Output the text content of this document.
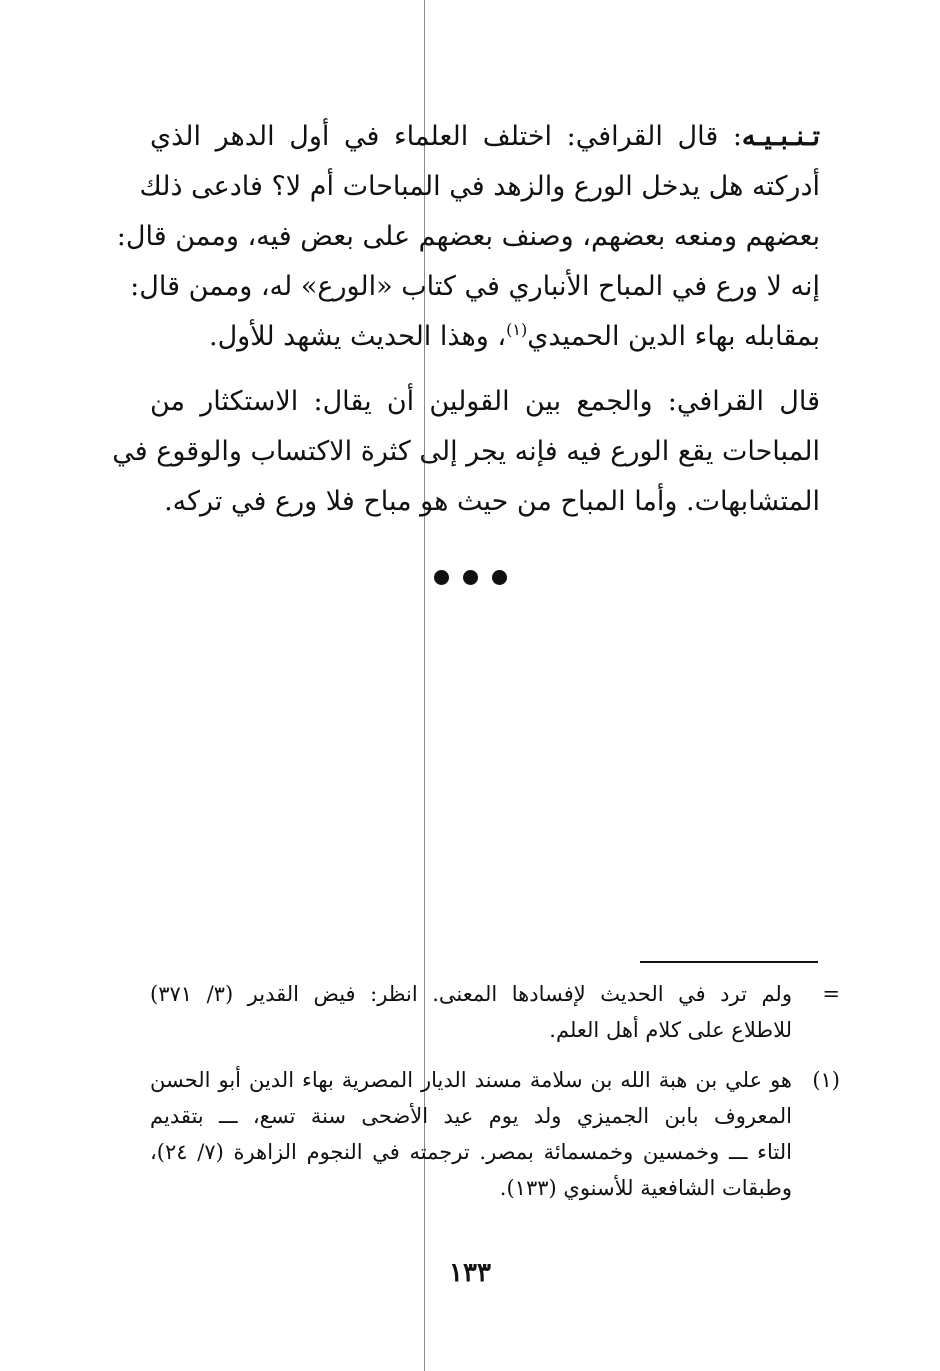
تـنـبـيـه: قال القرافي: اختلف العلماء في أول الدهر الذي
أدركته هل يدخل الورع والزهد في المباحات أم لا؟ فادعى ذلك
بعضهم ومنعه بعضهم، وصنف بعضهم على بعض فيه، وممن قال:
إنه لا ورع في المباح الأنباري في كتاب «الورع» له، وممن قال:
بمقابله بهاء الدين الحميدي$^{(١)}$، وهذا الحديث يشهد للأول.
قال القرافي: والجمع بين القولين أن يقال: الاستكثار من
المباحات يقع الورع فيه فإنه يجر إلى كثرة الاكتساب والوقوع في
المتشابهات. وأما المباح من حيث هو مباح فلا ورع في تركه.
=
ولم ترد في الحديث لإفسادها المعنى. انظر: فيض القدير (٣/ ٣٧١)
للاطلاع على كلام أهل العلم.
(١)
هو علي بن هبة الله بن سلامة مسند الديار المصرية بهاء الدين أبو الحسن
المعروف بابن الجميزي ولد يوم عيد الأضحى سنة تسع، ـــ بتقديم
التاء ـــ وخمسين وخمسمائة بمصر. ترجمته في النجوم الزاهرة (٧/ ٢٤)،
وطبقات الشافعية للأسنوي (١٣٣).
١٣٣
